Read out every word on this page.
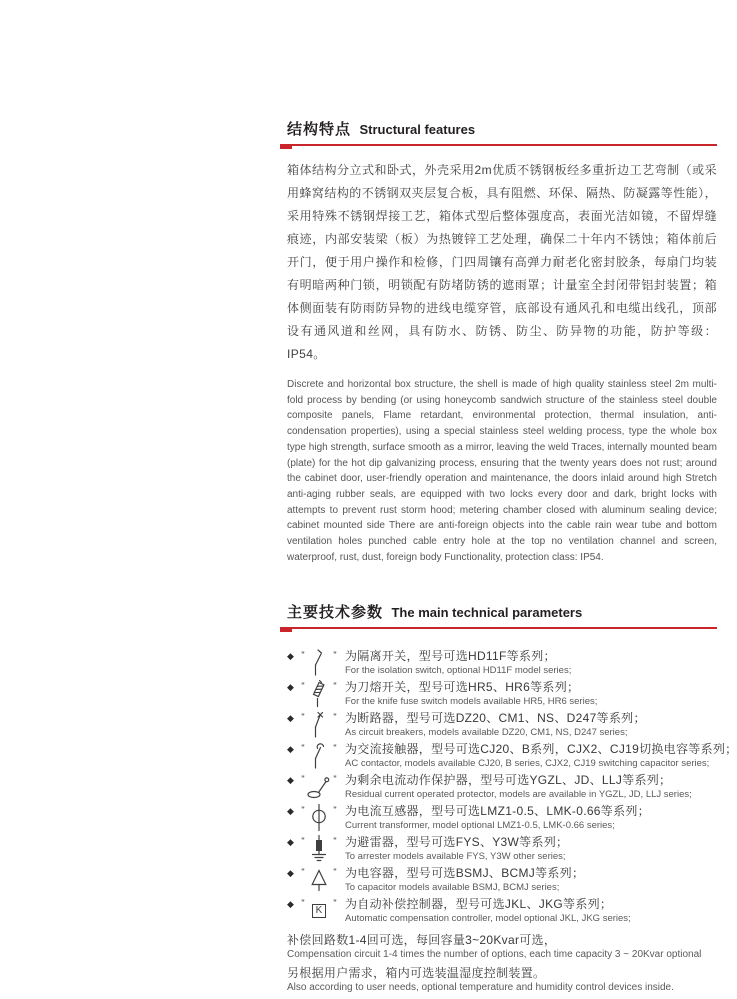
结构特点 Structural features

箱体结构分立式和卧式，外壳采用2m优质不锈钢板经多重折边工艺弯制（或采用蜂窝结构的不锈钢双夹层复合板，具有阻燃、环保、隔热、防凝露等性能），采用特殊不锈钢焊接工艺，箱体式型后整体强度高，表面光洁如镜，不留焊缝痕迹，内部安装梁（板）为热镀锌工艺处理，确保二十年内不锈蚀；箱体前后开门，便于用户操作和检修，门四周镶有高弹力耐老化密封胶条，每扇门均装有明暗两种门锁，明锁配有防堵防锈的遮雨罩；计量室全封闭带铝封装置；箱体侧面装有防雨防异物的进线电缆穿管，底部设有通风孔和电缆出线孔，顶部设有通风道和丝网，具有防水、防锈、防尘、防异物的功能，防护等级：IP54。

Discrete and horizontal box structure, the shell is made of high quality stainless steel 2m multi-fold process by bending (or using honeycomb sandwich structure of the stainless steel double composite panels, Flame retardant, environmental protection, thermal insulation, anti-condensation properties), using a special stainless steel welding process, type the whole box type high strength, surface smooth as a mirror, leaving the weld Traces, internally mounted beam (plate) for the hot dip galvanizing process, ensuring that the twenty years does not rust; around the cabinet door, user-friendly operation and maintenance, the doors inlaid around high Stretch anti-aging rubber seals, are equipped with two locks every door and dark, bright locks with attempts to prevent rust storm hood; metering chamber closed with aluminum sealing device; cabinet mounted side There are anti-foreign objects into the cable rain wear tube and bottom ventilation holes punched cable entry hole at the top no ventilation channel and screen, waterproof, rust, dust, foreign body Functionality, protection class: IP54.

主要技术参数 The main technical parameters
◆ "	" 为隔离开关，型号可选HD11F等系列；
For the isolation switch, optional HD11F model series;
◆ "	" 为刀熔开关，型号可选HR5、HR6等系列；
For the knife fuse switch models available HR5, HR6 series;
◆ "	" 为断路器，型号可选DZ20、CM1、NS、D247等系列；
As circuit breakers, models available DZ20, CM1, NS, D247 series;
◆ "	" 为交流接触器，型号可选CJ20、B系列，CJX2、CJ19切换电容等系列；
AC contactor, models available CJ20, B series, CJX2, CJ19 switching capacitor series;
◆ "	" 为剩余电流动作保护器，型号可选YGZL、JD、LLJ等系列；
Residual current operated protector, models are available in YGZL, JD, LLJ series;
◆ "	" 为电流互感器，型号可选LMZ1-0.5、LMK-0.66等系列；
Current transformer, model optional LMZ1-0.5, LMK-0.66 series;
◆ "	" 为避雷器，型号可选FYS、Y3W等系列；
To arrester models available FYS, Y3W other series;
◆ "	" 为电容器，型号可选BSMJ、BCMJ等系列；
To capacitor models available BSMJ, BCMJ series;
◆ "
K
" 为自动补偿控制器，型号可选JKL、JKG等系列；
Automatic compensation controller, model optional JKL, JKG series;
补偿回路数1-4回可选，每回容量3~20Kvar可选，
Compensation circuit 1-4 times the number of options, each time capacity 3 ~ 20Kvar optional
另根据用户需求，箱内可选装温湿度控制装置。
Also according to user needs, optional temperature and humidity control devices inside.
